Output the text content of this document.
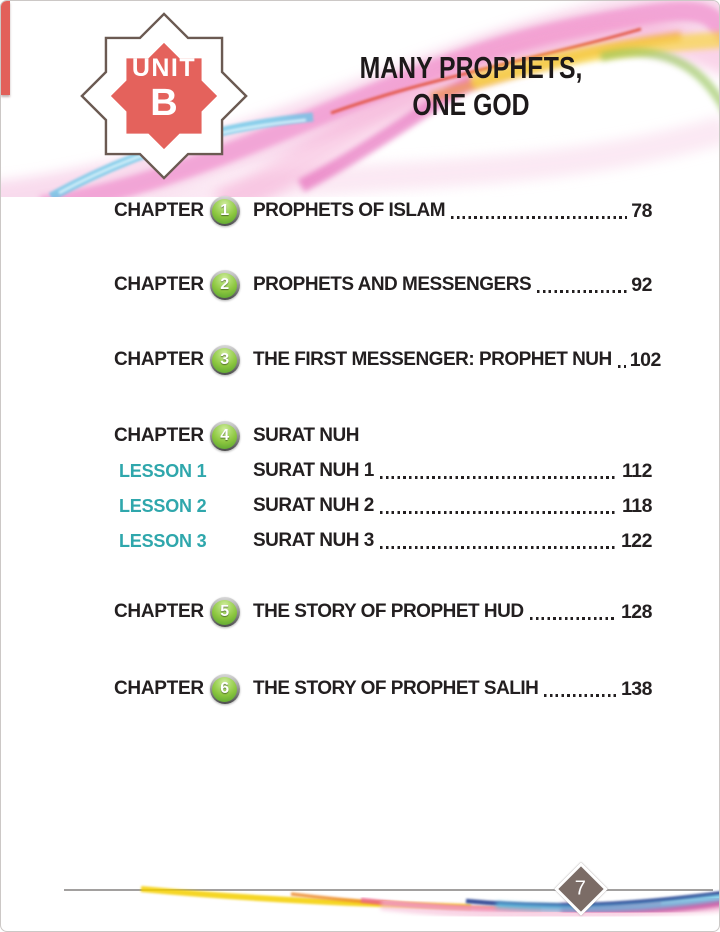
UNIT
B
MANY PROPHETS,
ONE GOD
CHAPTER 1 PROPHETS OF ISLAM	78
CHAPTER 2 PROPHETS AND MESSENGERS	92
CHAPTER 3 THE FIRST MESSENGER: PROPHET NUH 102
CHAPTER 4 SURAT NUH
LESSON 1 SURAT NUH 1	112
LESSON 2 SURAT NUH 2	118
LESSON 3 SURAT NUH 3	122
CHAPTER 5 THE STORY OF PROPHET HUD	128
CHAPTER 6 THE STORY OF PROPHET SALIH	138
7
